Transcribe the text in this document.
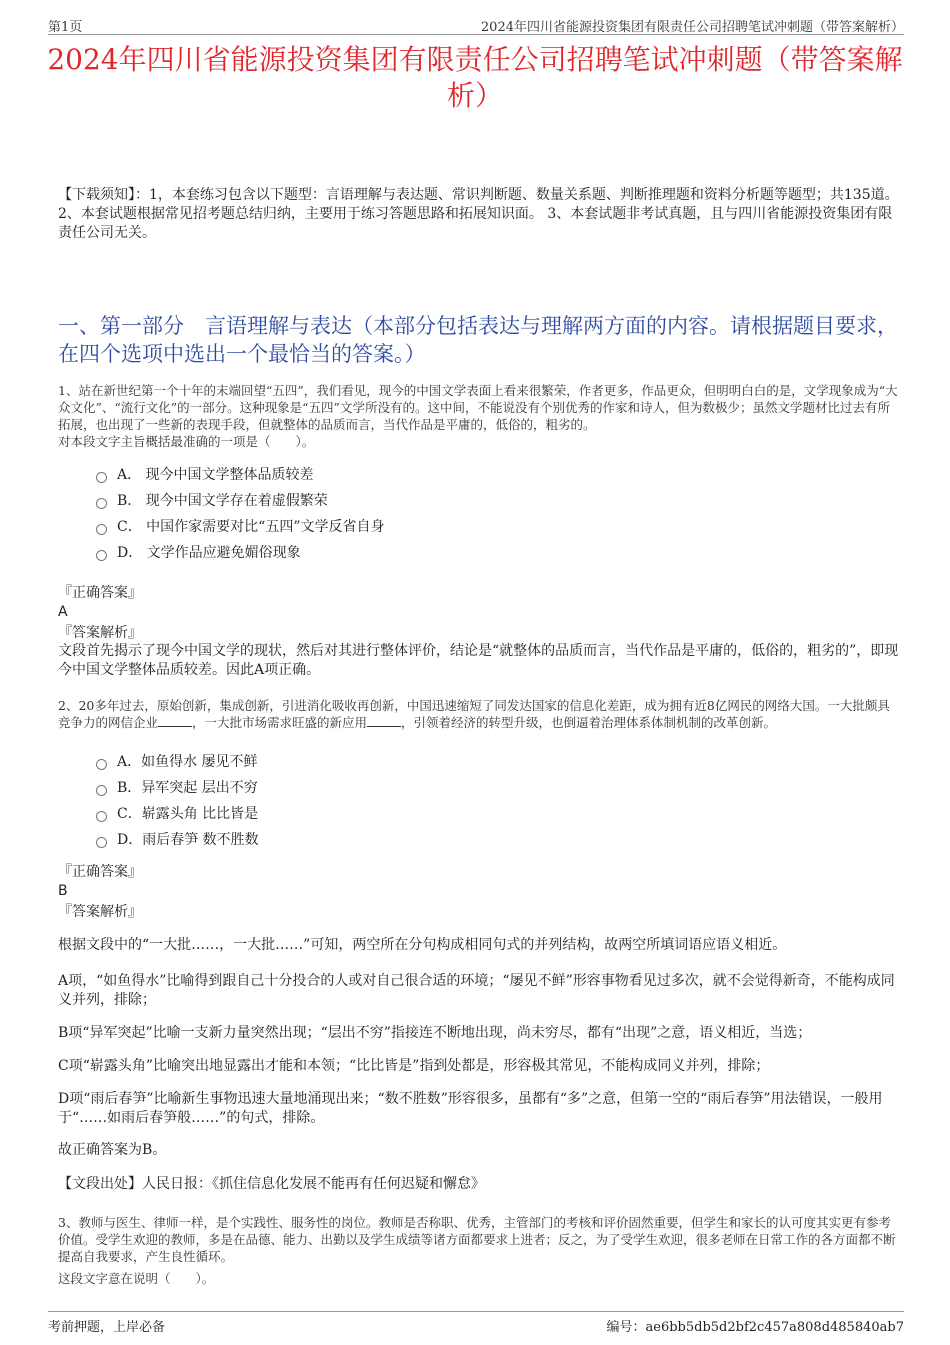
第1页	2024年四川省能源投资集团有限责任公司招聘笔试冲刺题（带答案解析）
2024年四川省能源投资集团有限责任公司招聘笔试冲刺题（带答案解析）
【下载须知】：1，本套练习包含以下题型：言语理解与表达题、常识判断题、数量关系题、判断推理题和资料分析题等题型；共135道。 2、本套试题根据常见招考题总结归纳，主要用于练习答题思路和拓展知识面。 3、本套试题非考试真题，且与四川省能源投资集团有限责任公司无关。
一、第一部分　言语理解与表达（本部分包括表达与理解两方面的内容。请根据题目要求，在四个选项中选出一个最恰当的答案。）
1、站在新世纪第一个十年的末端回望“五四”，我们看见，现今的中国文学表面上看来很繁荣，作者更多，作品更众，但明明白白的是，文学现象成为“大众文化”、“流行文化”的一部分。这种现象是“五四”文学所没有的。这中间，不能说没有个别优秀的作家和诗人，但为数极少；虽然文学题材比过去有所拓展，也出现了一些新的表现手段，但就整体的品质而言，当代作品是平庸的，低俗的，粗劣的。
对本段文字主旨概括最准确的一项是（　　）。
A． 现今中国文学整体品质较差
B． 现今中国文学存在着虚假繁荣
C． 中国作家需要对比“五四”文学反省自身
D． 文学作品应避免媚俗现象
『正确答案』
A
『答案解析』
文段首先揭示了现今中国文学的现状，然后对其进行整体评价，结论是“就整体的品质而言，当代作品是平庸的，低俗的，粗劣的”，即现今中国文学整体品质较差。因此A项正确。
2、20多年过去，原始创新，集成创新，引进消化吸收再创新，中国迅速缩短了同发达国家的信息化差距，成为拥有近8亿网民的网络大国。一大批颇具竞争力的网信企业	，一大批市场需求旺盛的新应用	，引领着经济的转型升级，也倒逼着治理体系体制机制的改革创新。
A．如鱼得水 屡见不鲜
B．异军突起 层出不穷
C．崭露头角 比比皆是
D．雨后春笋 数不胜数
『正确答案』
B
『答案解析』
根据文段中的“一大批……，一大批……”可知，两空所在分句构成相同句式的并列结构，故两空所填词语应语义相近。
A项，“如鱼得水”比喻得到跟自己十分投合的人或对自己很合适的环境；“屡见不鲜”形容事物看见过多次，就不会觉得新奇，不能构成同义并列，排除；
B项“异军突起”比喻一支新力量突然出现；“层出不穷”指接连不断地出现，尚未穷尽，都有“出现”之意，语义相近，当选；
C项“崭露头角”比喻突出地显露出才能和本领；“比比皆是”指到处都是，形容极其常见，不能构成同义并列，排除；
D项“雨后春笋”比喻新生事物迅速大量地涌现出来；“数不胜数”形容很多，虽都有“多”之意，但第一空的“雨后春笋”用法错误，一般用于“……如雨后春笋般……”的句式，排除。
故正确答案为B。
【文段出处】人民日报：《抓住信息化发展不能再有任何迟疑和懈怠》
3、教师与医生、律师一样，是个实践性、服务性的岗位。教师是否称职、优秀，主管部门的考核和评价固然重要，但学生和家长的认可度其实更有参考价值。受学生欢迎的教师，多是在品德、能力、出勤以及学生成绩等诸方面都要求上进者；反之，为了受学生欢迎，很多老师在日常工作的各方面都不断提高自我要求，产生良性循环。
这段文字意在说明（　　）。
考前押题，上岸必备	编号：ae6bb5db5d2bf2c457a808d485840ab7
